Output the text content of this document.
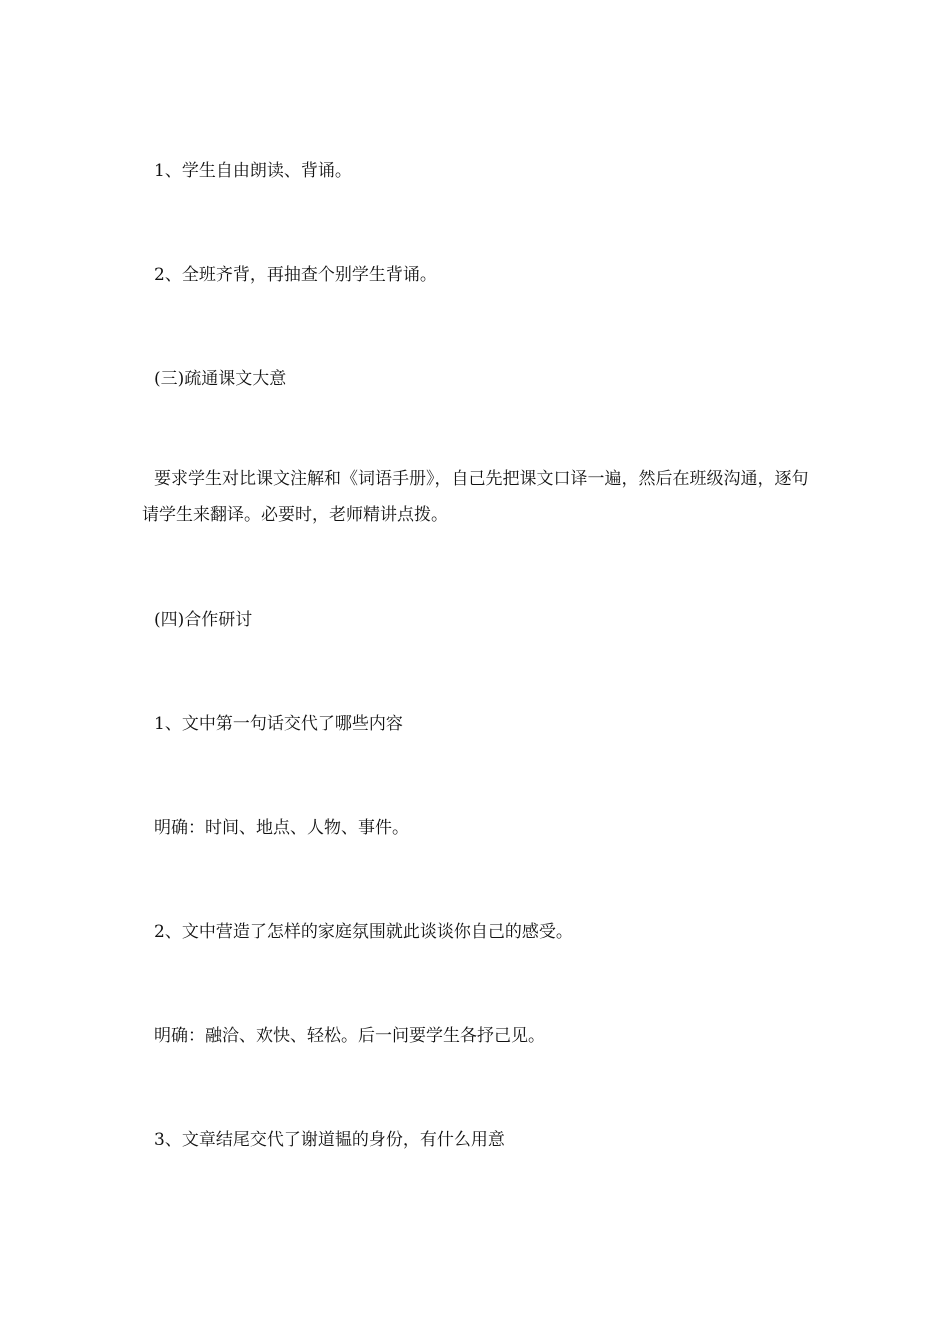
1、学生自由朗读、背诵。

2、全班齐背，再抽查个别学生背诵。

(三)疏通课文大意

要求学生对比课文注解和《词语手册》，自己先把课文口译一遍，然后在班级沟通，逐句请学生来翻译。必要时，老师精讲点拨。

(四)合作研讨

1、文中第一句话交代了哪些内容

明确：时间、地点、人物、事件。

2、文中营造了怎样的家庭氛围就此谈谈你自己的感受。

明确：融洽、欢快、轻松。后一问要学生各抒己见。

3、文章结尾交代了谢道韫的身份，有什么用意
